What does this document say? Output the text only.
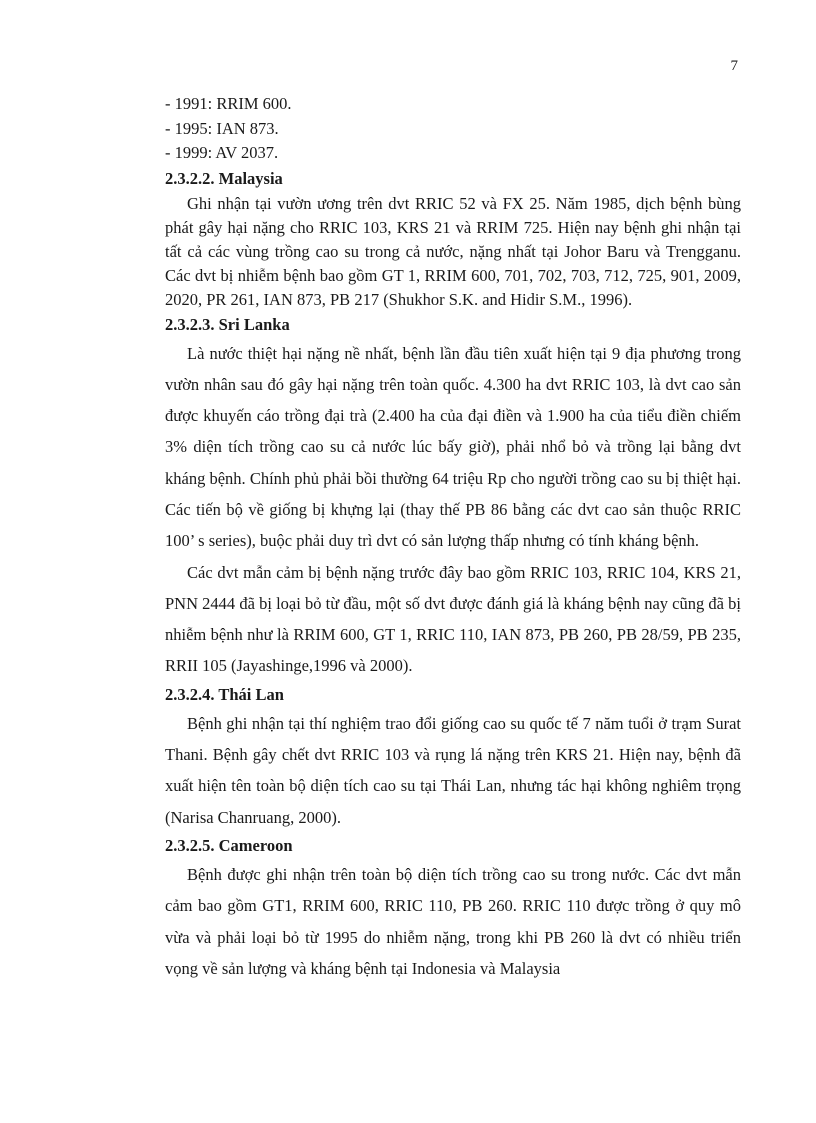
7

- 1991: RRIM 600.

- 1995: IAN 873.

- 1999: AV 2037.

2.3.2.2. Malaysia

Ghi nhận tại vườn ương trên dvt RRIC 52 và FX 25. Năm 1985, dịch bệnh bùng phát gây hại nặng cho RRIC 103, KRS 21 và RRIM 725. Hiện nay bệnh ghi nhận tại tất cả các vùng trồng cao su trong cả nước, nặng nhất tại Johor Baru và Trengganu. Các dvt bị nhiễm bệnh bao gồm GT 1, RRIM 600, 701, 702, 703, 712, 725, 901, 2009, 2020, PR 261, IAN 873, PB 217 (Shukhor S.K. and Hidir S.M., 1996).

2.3.2.3. Sri Lanka

Là nước thiệt hại nặng nề nhất, bệnh lần đầu tiên xuất hiện tại 9 địa phương trong vườn nhân sau đó gây hại nặng trên toàn quốc. 4.300 ha dvt RRIC 103, là dvt cao sản được khuyến cáo trồng đại trà (2.400 ha của đại điền và 1.900 ha của tiểu điền chiếm 3% diện tích trồng cao su cả nước lúc bấy giờ), phải nhổ bỏ và trồng lại bằng dvt kháng bệnh. Chính phủ phải bồi thường 64 triệu Rp cho người trồng cao su bị thiệt hại. Các tiến bộ về giống bị khựng lại (thay thế PB 86 bằng các dvt cao sản thuộc RRIC 100’ s series), buộc phải duy trì dvt có sản lượng thấp nhưng có tính kháng bệnh.

Các dvt mẫn cảm bị bệnh nặng trước đây bao gồm RRIC 103, RRIC 104, KRS 21, PNN 2444 đã bị loại bỏ từ đầu, một số dvt được đánh giá là kháng bệnh nay cũng đã bị nhiễm bệnh như là RRIM 600, GT 1, RRIC 110, IAN 873, PB 260, PB 28/59, PB 235, RRII 105 (Jayashinge,1996 và 2000).

2.3.2.4. Thái Lan

Bệnh ghi nhận tại thí nghiệm trao đổi giống cao su quốc tế 7 năm tuổi ở trạm Surat Thani. Bệnh gây chết dvt RRIC 103 và rụng lá nặng trên KRS 21. Hiện nay, bệnh đã xuất hiện tên toàn bộ diện tích cao su tại Thái Lan, nhưng tác hại không nghiêm trọng (Narisa Chanruang, 2000).

2.3.2.5. Cameroon

Bệnh được ghi nhận trên toàn bộ diện tích trồng cao su trong nước. Các dvt mẫn cảm bao gồm GT1, RRIM 600, RRIC 110, PB 260. RRIC 110 được trồng ở quy mô vừa và phải loại bỏ từ 1995 do nhiễm nặng, trong khi PB 260 là dvt có nhiều triển vọng về sản lượng và kháng bệnh tại Indonesia và Malaysia
